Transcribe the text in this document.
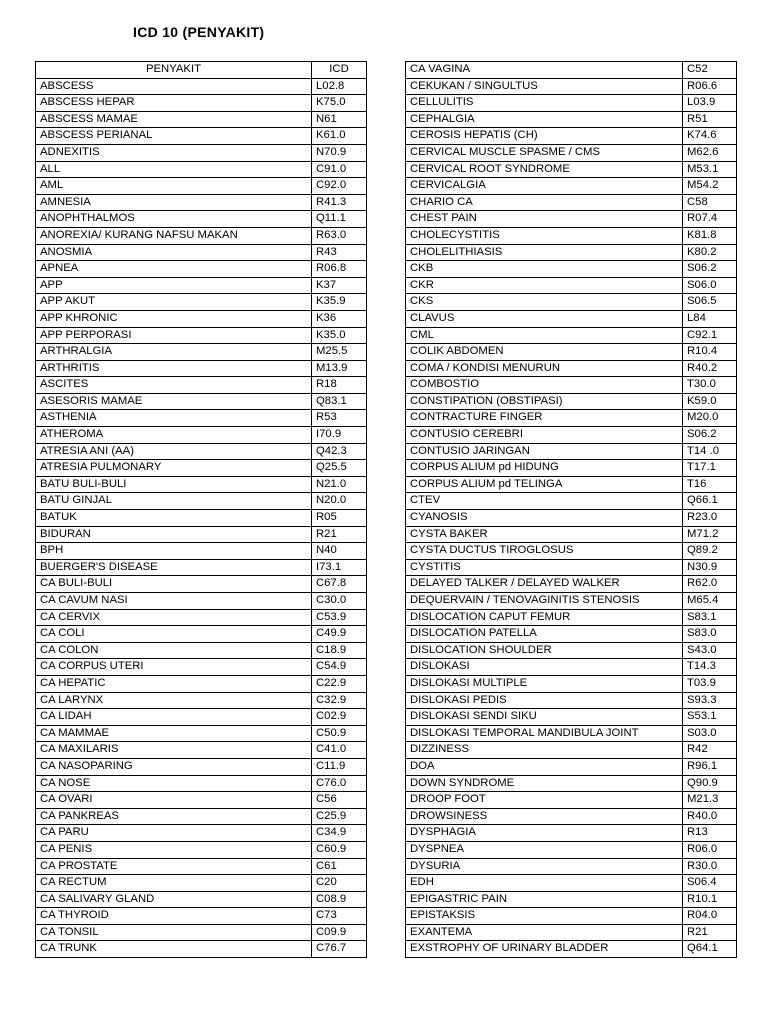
ICD 10 (PENYAKIT)
PENYAKIT	ICD
ABSCESS	L02.8
ABSCESS HEPAR	K75.0
ABSCESS MAMAE	N61
ABSCESS PERIANAL	K61.0
ADNEXITIS	N70.9
ALL	C91.0
AML	C92.0
AMNESIA	R41.3
ANOPHTHALMOS	Q11.1
ANOREXIA/ KURANG NAFSU MAKAN	R63.0
ANOSMIA	R43
APNEA	R06.8
APP	K37
APP AKUT	K35.9
APP KHRONIC	K36
APP PERPORASI	K35.0
ARTHRALGIA	M25.5
ARTHRITIS	M13.9
ASCITES	R18
ASESORIS MAMAE	Q83.1
ASTHENIA	R53
ATHEROMA	I70.9
ATRESIA ANI (AA)	Q42.3
ATRESIA PULMONARY	Q25.5
BATU BULI-BULI	N21.0
BATU GINJAL	N20.0
BATUK	R05
BIDURAN	R21
BPH	N40
BUERGER'S DISEASE	I73.1
CA BULI-BULI	C67.8
CA CAVUM NASI	C30.0
CA CERVIX	C53.9
CA COLI	C49.9
CA COLON	C18.9
CA CORPUS UTERI	C54.9
CA HEPATIC	C22.9
CA LARYNX	C32.9
CA LIDAH	C02.9
CA MAMMAE	C50.9
CA MAXILARIS	C41.0
CA NASOPARING	C11.9
CA NOSE	C76.0
CA OVARI	C56
CA PANKREAS	C25.9
CA PARU	C34.9
CA PENIS	C60.9
CA PROSTATE	C61
CA RECTUM	C20
CA SALIVARY GLAND	C08.9
CA THYROID	C73
CA TONSIL	C09.9
CA TRUNK	C76.7
CA VAGINA	C52
CEKUKAN / SINGULTUS	R06.6
CELLULITIS	L03.9
CEPHALGIA	R51
CEROSIS HEPATIS (CH)	K74.6
CERVICAL MUSCLE SPASME / CMS	M62.6
CERVICAL ROOT SYNDROME	M53.1
CERVICALGIA	M54.2
CHARIO CA	C58
CHEST PAIN	R07.4
CHOLECYSTITIS	K81.8
CHOLELITHIASIS	K80.2
CKB	S06.2
CKR	S06.0
CKS	S06.5
CLAVUS	L84
CML	C92.1
COLIK ABDOMEN	R10.4
COMA / KONDISI MENURUN	R40.2
COMBOSTIO	T30.0
CONSTIPATION (OBSTIPASI)	K59.0
CONTRACTURE FINGER	M20.0
CONTUSIO CEREBRI	S06.2
CONTUSIO JARINGAN	T14 .0
CORPUS ALIUM pd HIDUNG	T17.1
CORPUS ALIUM pd TELINGA	T16
CTEV	Q66.1
CYANOSIS	R23.0
CYSTA BAKER	M71.2
CYSTA DUCTUS TIROGLOSUS	Q89.2
CYSTITIS	N30.9
DELAYED TALKER / DELAYED WALKER	R62.0
DEQUERVAIN / TENOVAGINITIS STENOSIS	M65.4
DISLOCATION CAPUT FEMUR	S83.1
DISLOCATION PATELLA	S83.0
DISLOCATION SHOULDER	S43.0
DISLOKASI	T14.3
DISLOKASI MULTIPLE	T03.9
DISLOKASI PEDIS	S93.3
DISLOKASI SENDI SIKU	S53.1
DISLOKASI TEMPORAL MANDIBULA JOINT	S03.0
DIZZINESS	R42
DOA	R96.1
DOWN SYNDROME	Q90.9
DROOP FOOT	M21.3
DROWSINESS	R40.0
DYSPHAGIA	R13
DYSPNEA	R06.0
DYSURIA	R30.0
EDH	S06.4
EPIGASTRIC PAIN	R10.1
EPISTAKSIS	R04.0
EXANTEMA	R21
EXSTROPHY OF URINARY BLADDER	Q64.1
